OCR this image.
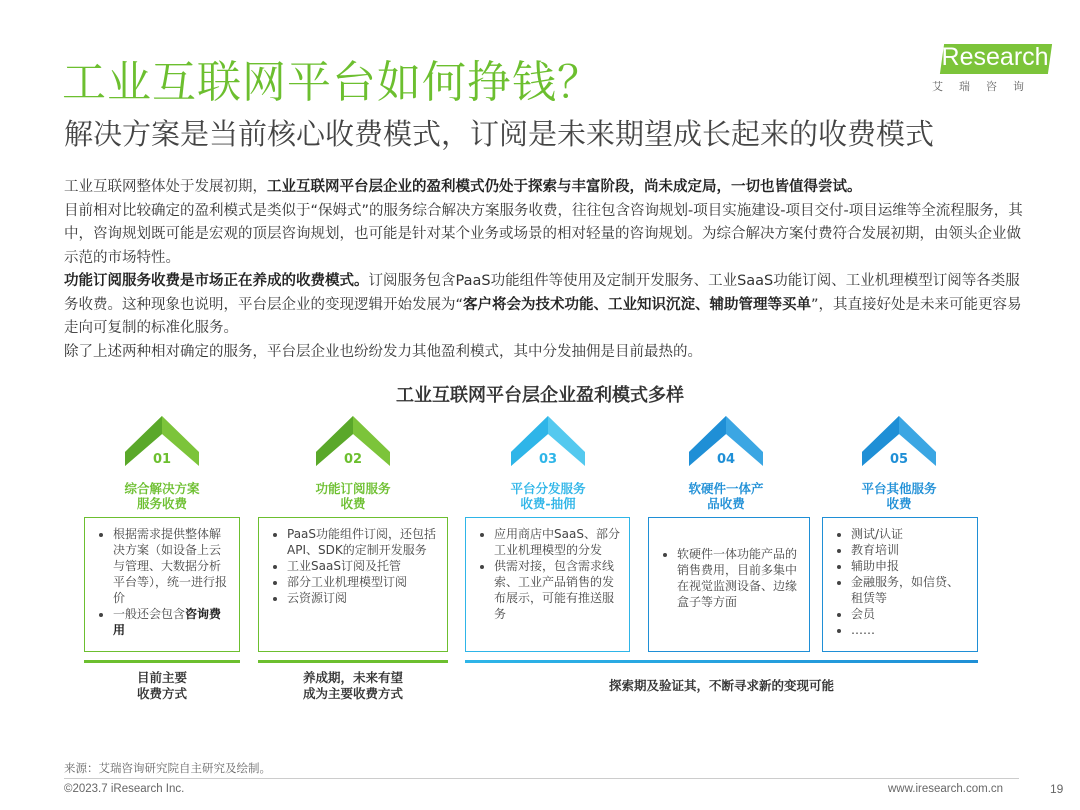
工业互联网平台如何挣钱？
解决方案是当前核心收费模式，订阅是未来期望成长起来的收费模式
iResearch
艾瑞咨询

工业互联网整体处于发展初期，工业互联网平台层企业的盈利模式仍处于探索与丰富阶段，尚未成定局，一切也皆值得尝试。

目前相对比较确定的盈利模式是类似于“保姆式”的服务综合解决方案服务收费，往往包含咨询规划-项目实施建设-项目交付-项目运维等全流程服务，其中，咨询规划既可能是宏观的顶层咨询规划，也可能是针对某个业务或场景的相对轻量的咨询规划。为综合解决方案付费符合发展初期，由领头企业做示范的市场特性。

功能订阅服务收费是市场正在养成的收费模式。订阅服务包含PaaS功能组件等使用及定制开发服务、工业SaaS功能订阅、工业机理模型订阅等各类服务收费。这种现象也说明，平台层企业的变现逻辑开始发展为“客户将会为技术功能、工业知识沉淀、辅助管理等买单”，其直接好处是未来可能更容易走向可复制的标准化服务。

除了上述两种相对确定的服务，平台层企业也纷纷发力其他盈利模式，其中分发抽佣是目前最热的。

工业互联网平台层企业盈利模式多样
01
综合解决方案
服务收费
• 根据需求提供整体解决方案（如设备上云与管理、大数据分析平台等），统一进行报价
• 一般还会包含咨询费用
02
功能订阅服务
收费
• PaaS功能组件订阅，还包括API、SDK的定制开发服务
• 工业SaaS订阅及托管
• 部分工业机理模型订阅
• 云资源订阅
03
平台分发服务
收费-抽佣
• 应用商店中SaaS、部分工业机理模型的分发
• 供需对接，包含需求线索、工业产品销售的发布展示，可能有推送服务
04
软硬件一体产
品收费
• 软硬件一体功能产品的销售费用，目前多集中在视觉监测设备、边缘盒子等方面
05
平台其他服务
收费
• 测试/认证
• 教育培训
• 辅助申报
• 金融服务，如信贷、租赁等
• 会员
• ……
目前主要
收费方式
养成期，未来有望
成为主要收费方式
探索期及验证其，不断寻求新的变现可能
来源：艾瑞咨询研究院自主研究及绘制。
©2023.7 iResearch Inc.	www.iresearch.com.cn	19
